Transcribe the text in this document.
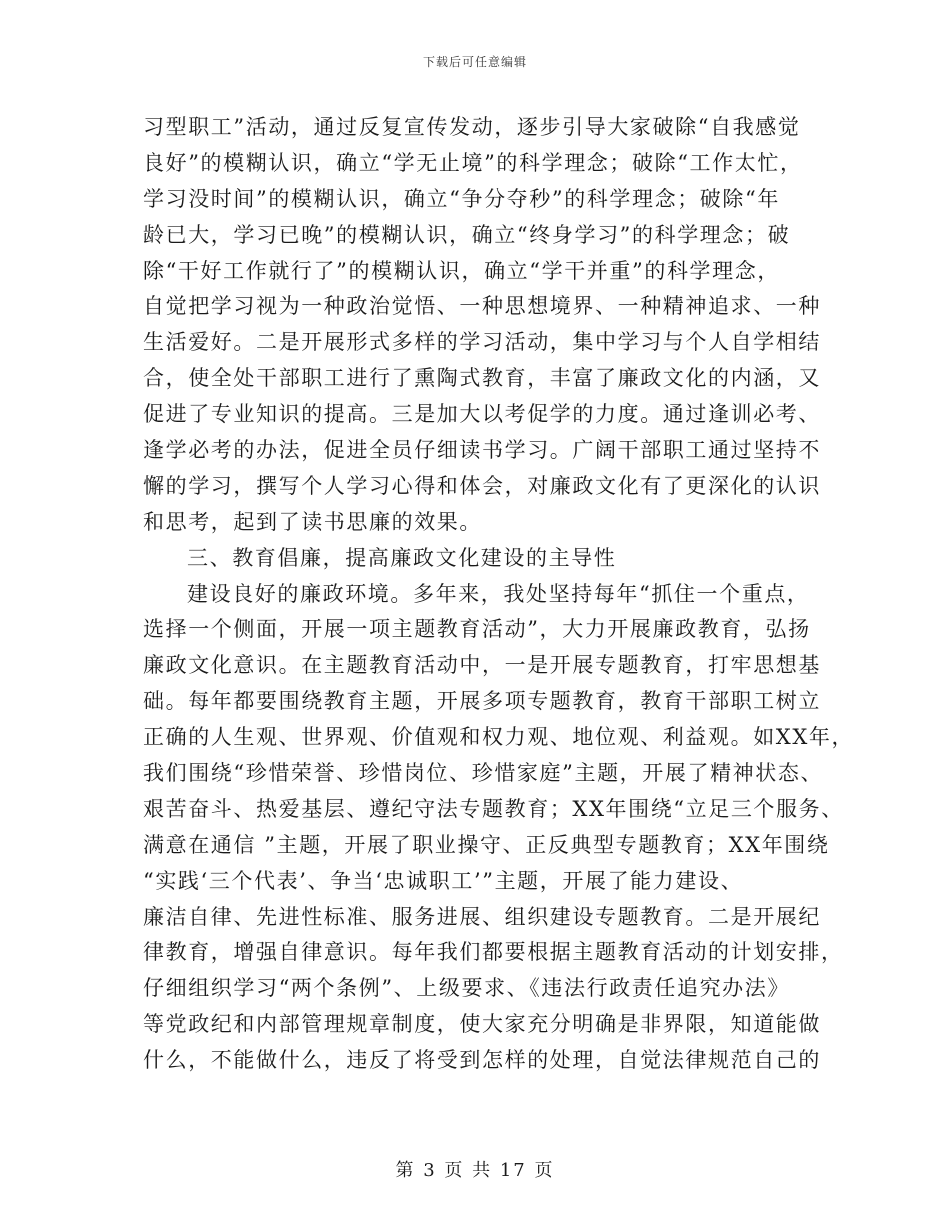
下载后可任意编辑
习型职工”活动，通过反复宣传发动，逐步引导大家破除“自我感觉
良好”的模糊认识，确立“学无止境”的科学理念；破除“工作太忙，
学习没时间”的模糊认识，确立“争分夺秒”的科学理念；破除“年
龄已大，学习已晚”的模糊认识，确立“终身学习”的科学理念；破
除“干好工作就行了”的模糊认识，确立“学干并重”的科学理念，
自觉把学习视为一种政治觉悟、一种思想境界、一种精神追求、一种
生活爱好。二是开展形式多样的学习活动，集中学习与个人自学相结
合，使全处干部职工进行了熏陶式教育，丰富了廉政文化的内涵，又
促进了专业知识的提高。三是加大以考促学的力度。通过逢训必考、
逢学必考的办法，促进全员仔细读书学习。广阔干部职工通过坚持不
懈的学习，撰写个人学习心得和体会，对廉政文化有了更深化的认识
和思考，起到了读书思廉的效果。
三、教育倡廉，提高廉政文化建设的主导性
建设良好的廉政环境。多年来，我处坚持每年“抓住一个重点，
选择一个侧面，开展一项主题教育活动”，大力开展廉政教育，弘扬
廉政文化意识。在主题教育活动中，一是开展专题教育，打牢思想基
础。每年都要围绕教育主题，开展多项专题教育，教育干部职工树立
正确的人生观、世界观、价值观和权力观、地位观、利益观。如XX年，
我们围绕“珍惜荣誉、珍惜岗位、珍惜家庭”主题，开展了精神状态、
艰苦奋斗、热爱基层、遵纪守法专题教育；XX年围绕“立足三个服务、
满意在通信 ”主题，开展了职业操守、正反典型专题教育；XX年围绕
“实践‘三个代表’、争当‘忠诚职工’”主题，开展了能力建设、
廉洁自律、先进性标准、服务进展、组织建设专题教育。二是开展纪
律教育，增强自律意识。每年我们都要根据主题教育活动的计划安排，
仔细组织学习“两个条例”、上级要求、《违法行政责任追究办法》
等党政纪和内部管理规章制度，使大家充分明确是非界限，知道能做
什么，不能做什么，违反了将受到怎样的处理，自觉法律规范自己的
第 3 页 共 17 页
